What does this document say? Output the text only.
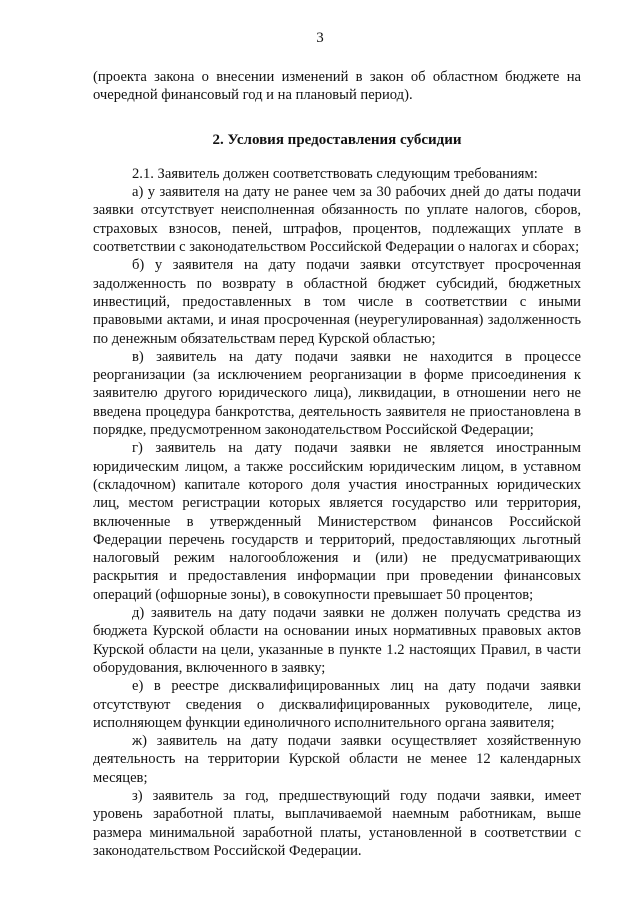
3

(проекта закона о внесении изменений в закон об областном бюджете на очередной финансовый год и на плановый период).

2. Условия предоставления субсидии

2.1. Заявитель должен соответствовать следующим требованиям:

а) у заявителя на дату не ранее чем за 30 рабочих дней до даты подачи заявки отсутствует неисполненная обязанность по уплате налогов, сборов, страховых взносов, пеней, штрафов, процентов, подлежащих уплате в соответствии с законодательством Российской Федерации о налогах и сборах;

б) у заявителя на дату подачи заявки отсутствует просроченная задолженность по возврату в областной бюджет субсидий, бюджетных инвестиций, предоставленных в том числе в соответствии с иными правовыми актами, и иная просроченная (неурегулированная) задолженность по денежным обязательствам перед Курской областью;

в) заявитель на дату подачи заявки не находится в процессе реорганизации (за исключением реорганизации в форме присоединения к заявителю другого юридического лица), ликвидации, в отношении него не введена процедура банкротства, деятельность заявителя не приостановлена в порядке, предусмотренном законодательством Российской Федерации;

г) заявитель на дату подачи заявки не является иностранным юридическим лицом, а также российским юридическим лицом, в уставном (складочном) капитале которого доля участия иностранных юридических лиц, местом регистрации которых является государство или территория, включенные в утвержденный Министерством финансов Российской Федерации перечень государств и территорий, предоставляющих льготный налоговый режим налогообложения и (или) не предусматривающих раскрытия и предоставления информации при проведении финансовых операций (офшорные зоны), в совокупности превышает 50 процентов;

д) заявитель на дату подачи заявки не должен получать средства из бюджета Курской области на основании иных нормативных правовых актов Курской области на цели, указанные в пункте 1.2 настоящих Правил, в части оборудования, включенного в заявку;

е) в реестре дисквалифицированных лиц на дату подачи заявки отсутствуют сведения о дисквалифицированных руководителе, лице, исполняющем функции единоличного исполнительного органа заявителя;

ж) заявитель на дату подачи заявки осуществляет хозяйственную деятельность на территории Курской области не менее 12 календарных месяцев;

з) заявитель за год, предшествующий году подачи заявки, имеет уровень заработной платы, выплачиваемой наемным работникам, выше размера минимальной заработной платы, установленной в соответствии с законодательством Российской Федерации.
